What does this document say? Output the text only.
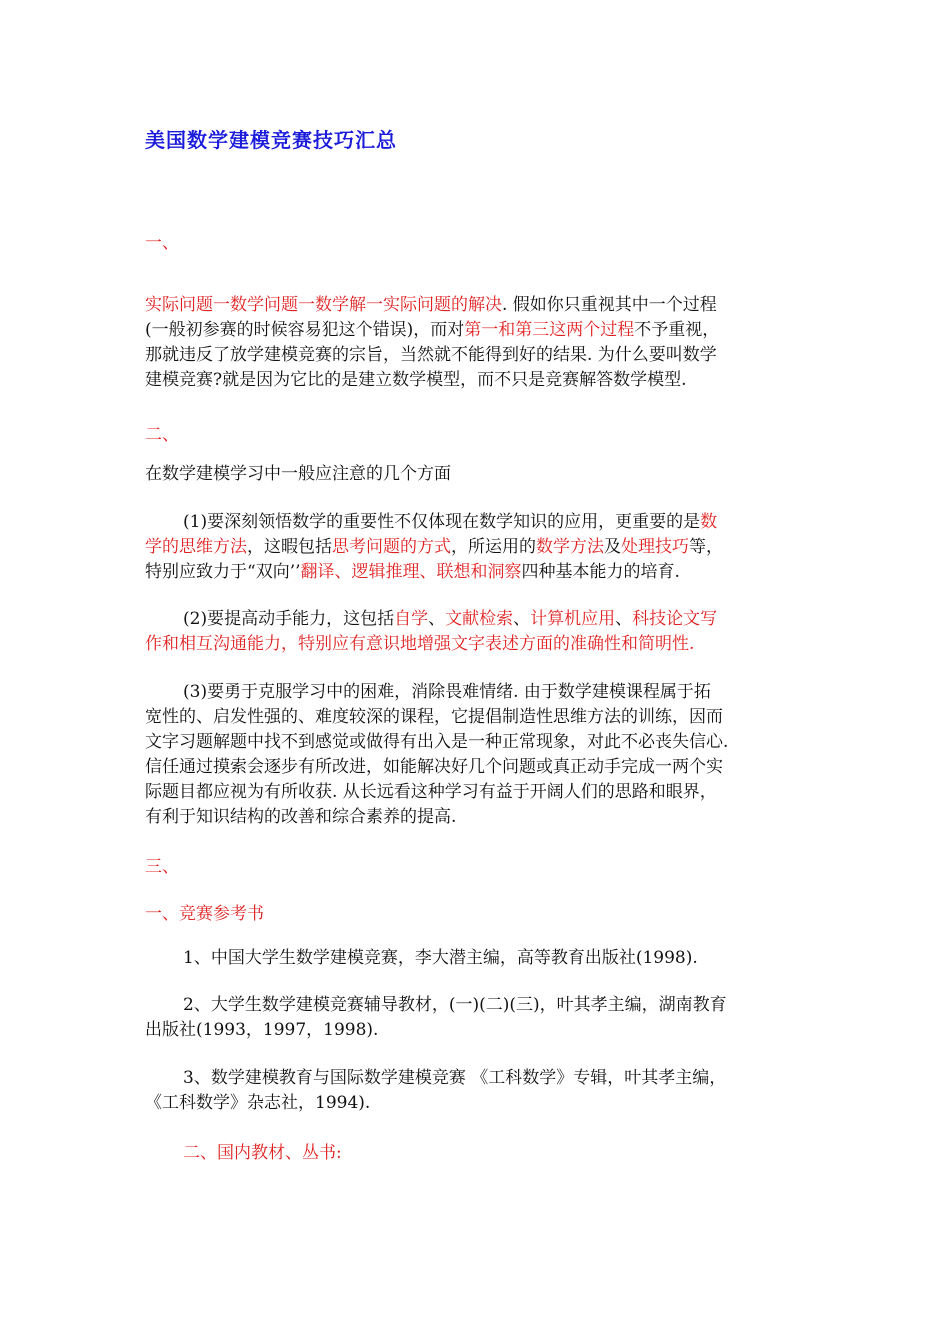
美国数学建模竞赛技巧汇总
一、
实际问题一数学问题一数学解一实际问题的解决. 假如你只重视其中一个过程
(一般初参赛的时候容易犯这个错误)，而对第一和第三这两个过程不予重视，
那就违反了放学建模竞赛的宗旨，当然就不能得到好的结果. 为什么要叫数学
建模竞赛?就是因为它比的是建立数学模型，而不只是竞赛解答数学模型.
二、
在数学建模学习中一般应注意的几个方面
(1)要深刻领悟数学的重要性不仅体现在数学知识的应用，更重要的是数
学的思维方法，这暇包括思考问题的方式，所运用的数学方法及处理技巧等，
特别应致力于“双向’’翻译、逻辑推理、联想和洞察四种基本能力的培育.
(2)要提高动手能力，这包括自学、文献检索、计算机应用、科技论文写
作和相互沟通能力，特别应有意识地增强文字表述方面的准确性和简明性.
(3)要勇于克服学习中的困难，消除畏难情绪. 由于数学建模课程属于拓
宽性的、启发性强的、难度较深的课程，它提倡制造性思维方法的训练，因而
文字习题解题中找不到感觉或做得有出入是一种正常现象，对此不必丧失信心.
信任通过摸索会逐步有所改进，如能解决好几个问题或真正动手完成一两个实
际题目都应视为有所收获. 从长远看这种学习有益于开阔人们的思路和眼界，
有利于知识结构的改善和综合素养的提高.
三、
一、竞赛参考书
1、中国大学生数学建模竞赛，李大潜主编，高等教育出版社(1998).
2、大学生数学建模竞赛辅导教材，(一)(二)(三)，叶其孝主编，湖南教育
出版社(1993，1997，1998).
3、数学建模教育与国际数学建模竞赛 《工科数学》专辑，叶其孝主编，
《工科数学》杂志社，1994).
二、国内教材、丛书:
